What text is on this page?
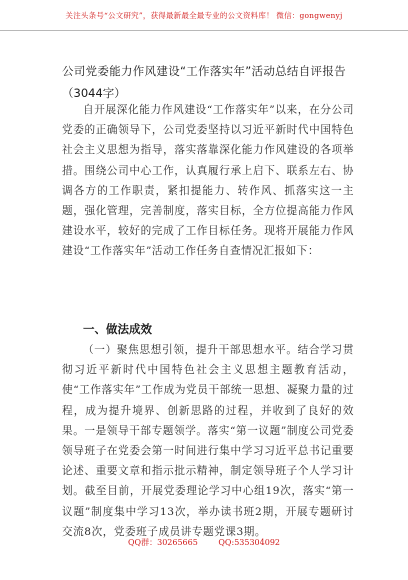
关注头条号“公文研究”，获得最新最全最专业的公文资料库！ 微信：gongwenyj
公司党委能力作风建设“工作落实年”活动总结自评报告
（3044字）

自开展深化能力作风建设“工作落实年”以来，在分公司党委的正确领导下，公司党委坚持以习近平新时代中国特色社会主义思想为指导，落实落靠深化能力作风建设的各项举措。围绕公司中心工作，认真履行承上启下、联系左右、协调各方的工作职责，紧扣提能力、转作风、抓落实这一主题，强化管理，完善制度，落实目标，全方位提高能力作风建设水平，较好的完成了工作目标任务。现将开展能力作风建设“工作落实年”活动工作任务自查情况汇报如下：

一、做法成效

（一）聚焦思想引领，提升干部思想水平。结合学习贯彻习近平新时代中国特色社会主义思想主题教育活动，使“工作落实年”工作成为党员干部统一思想、凝聚力量的过程，成为提升境界、创新思路的过程，并收到了良好的效果。一是领导干部专题领学。落实“第一议题”制度公司党委领导班子在党委会第一时间进行集中学习习近平总书记重要论述、重要文章和指示批示精神，制定领导班子个人学习计划。截至目前，开展党委理论学习中心组19次，落实“第一议题”制度集中学习13次，举办读书班2期，开展专题研讨交流8次，党委班子成员讲专题党课3期。

QQ群：30265665	QQ:535304092
